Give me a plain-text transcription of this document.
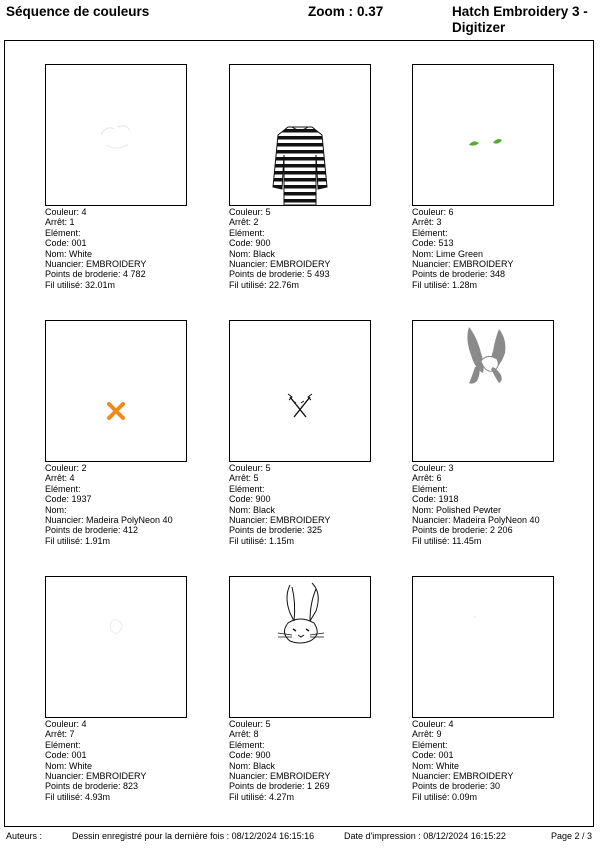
Séquence de couleurs	Zoom : 0.37	Hatch Embroidery 3 - Digitizer
Couleur: 4
Arrêt: 1
Elément:
Code: 001
Nom: White
Nuancier: EMBROIDERY
Points de broderie: 4 782
Fil utilisé: 32.01m
Couleur: 5
Arrêt: 2
Elément:
Code: 900
Nom: Black
Nuancier: EMBROIDERY
Points de broderie: 5 493
Fil utilisé: 22.76m
Couleur: 6
Arrêt: 3
Elément:
Code: 513
Nom: Lime Green
Nuancier: EMBROIDERY
Points de broderie: 348
Fil utilisé: 1.28m
Couleur: 2
Arrêt: 4
Elément:
Code: 1937
Nom:
Nuancier: Madeira PolyNeon 40
Points de broderie: 412
Fil utilisé: 1.91m
Couleur: 5
Arrêt: 5
Elément:
Code: 900
Nom: Black
Nuancier: EMBROIDERY
Points de broderie: 325
Fil utilisé: 1.15m
Couleur: 3
Arrêt: 6
Elément:
Code: 1918
Nom: Polished Pewter
Nuancier: Madeira PolyNeon 40
Points de broderie: 2 206
Fil utilisé: 11.45m
Couleur: 4
Arrêt: 7
Elément:
Code: 001
Nom: White
Nuancier: EMBROIDERY
Points de broderie: 823
Fil utilisé: 4.93m
Couleur: 5
Arrêt: 8
Elément:
Code: 900
Nom: Black
Nuancier: EMBROIDERY
Points de broderie: 1 269
Fil utilisé: 4.27m
Couleur: 4
Arrêt: 9
Elément:
Code: 001
Nom: White
Nuancier: EMBROIDERY
Points de broderie: 30
Fil utilisé: 0.09m
Auteurs :	Dessin enregistré pour la dernière fois : 08/12/2024 16:15:16	Date d'impression : 08/12/2024 16:15:22	Page 2 / 3
